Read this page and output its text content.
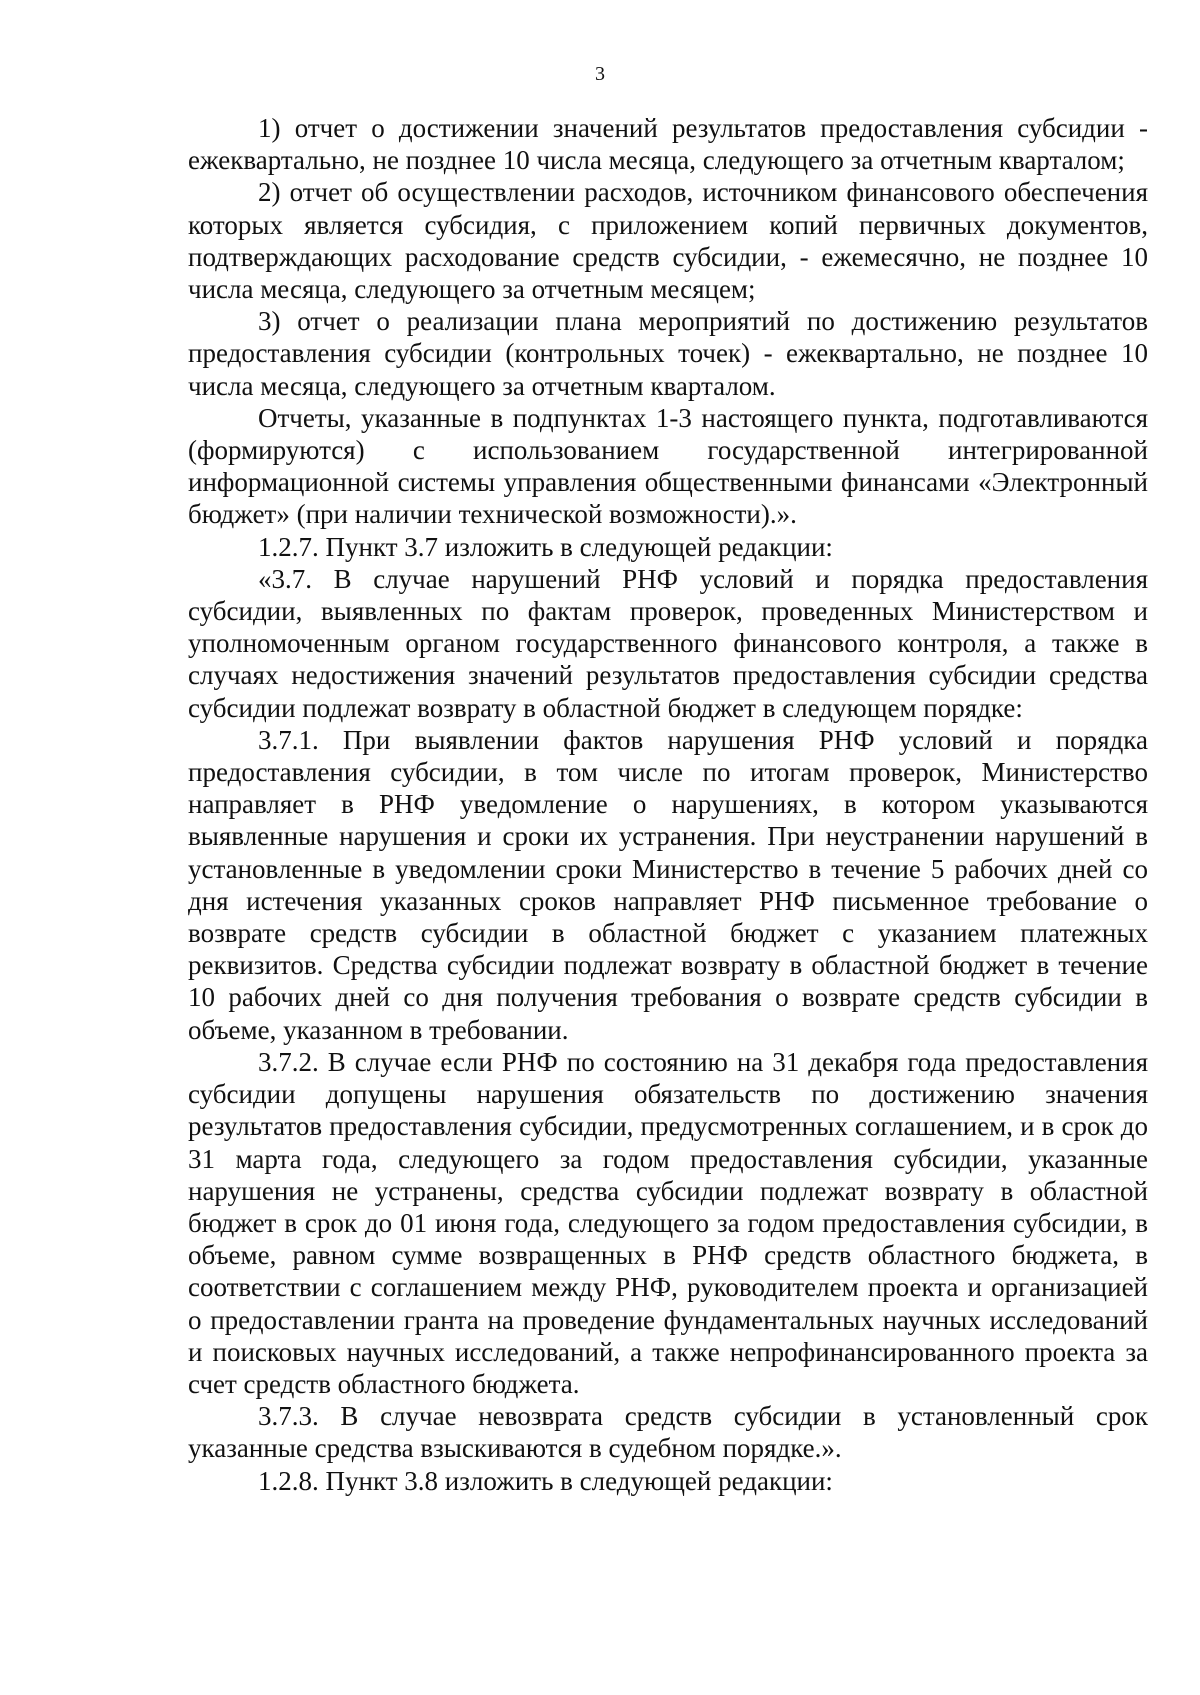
3

1) отчет о достижении значений результатов предоставления субсидии - ежеквартально, не позднее 10 числа месяца, следующего за отчетным кварталом;

2) отчет об осуществлении расходов, источником финансового обеспечения которых является субсидия, с приложением копий первичных документов, подтверждающих расходование средств субсидии, - ежемесячно, не позднее 10 числа месяца, следующего за отчетным месяцем;

3) отчет о реализации плана мероприятий по достижению результатов предоставления субсидии (контрольных точек) - ежеквартально, не позднее 10 числа месяца, следующего за отчетным кварталом.

Отчеты, указанные в подпунктах 1-3 настоящего пункта, подготавливаются (формируются) с использованием государственной интегрированной информационной системы управления общественными финансами «Электронный бюджет» (при наличии технической возможности).».

1.2.7. Пункт 3.7 изложить в следующей редакции:

«3.7. В случае нарушений РНФ условий и порядка предоставления субсидии, выявленных по фактам проверок, проведенных Министерством и уполномоченным органом государственного финансового контроля, а также в случаях недостижения значений результатов предоставления субсидии средства субсидии подлежат возврату в областной бюджет в следующем порядке:

3.7.1. При выявлении фактов нарушения РНФ условий и порядка предоставления субсидии, в том числе по итогам проверок, Министерство направляет в РНФ уведомление о нарушениях, в котором указываются выявленные нарушения и сроки их устранения. При неустранении нарушений в установленные в уведомлении сроки Министерство в течение 5 рабочих дней со дня истечения указанных сроков направляет РНФ письменное требование о возврате средств субсидии в областной бюджет с указанием платежных реквизитов. Средства субсидии подлежат возврату в областной бюджет в течение 10 рабочих дней со дня получения требования о возврате средств субсидии в объеме, указанном в требовании.

3.7.2. В случае если РНФ по состоянию на 31 декабря года предоставления субсидии допущены нарушения обязательств по достижению значения результатов предоставления субсидии, предусмотренных соглашением, и в срок до 31 марта года, следующего за годом предоставления субсидии, указанные нарушения не устранены, средства субсидии подлежат возврату в областной бюджет в срок до 01 июня года, следующего за годом предоставления субсидии, в объеме, равном сумме возвращенных в РНФ средств областного бюджета, в соответствии с соглашением между РНФ, руководителем проекта и организацией о предоставлении гранта на проведение фундаментальных научных исследований и поисковых научных исследований, а также непрофинансированного проекта за счет средств областного бюджета.

3.7.3. В случае невозврата средств субсидии в установленный срок указанные средства взыскиваются в судебном порядке.».

1.2.8. Пункт 3.8 изложить в следующей редакции:
